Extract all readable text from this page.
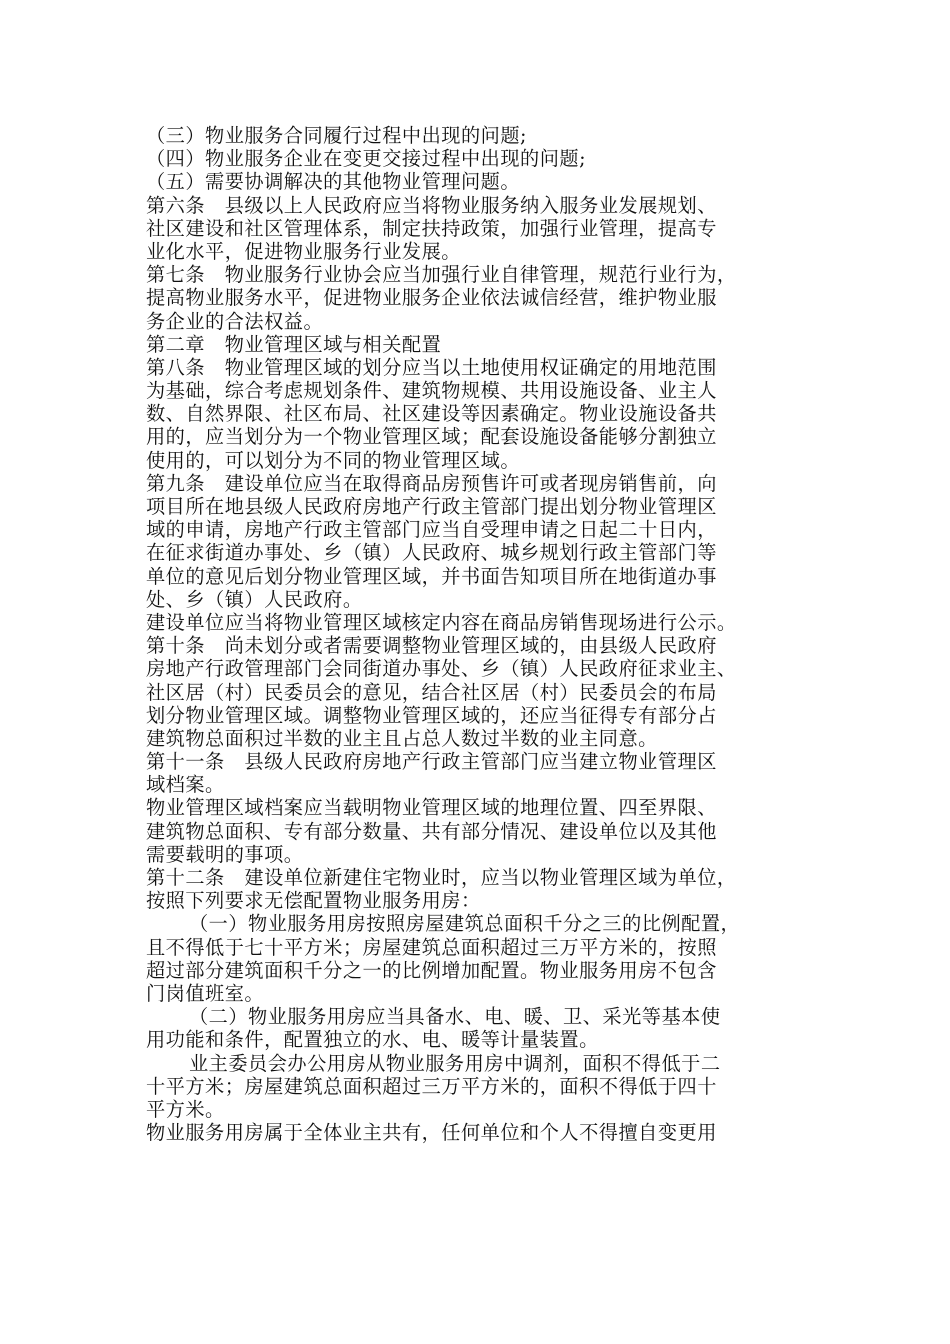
（三）物业服务合同履行过程中出现的问题;
（四）物业服务企业在变更交接过程中出现的问题;
（五）需要协调解决的其他物业管理问题。
第六条　县级以上人民政府应当将物业服务纳入服务业发展规划、
社区建设和社区管理体系，制定扶持政策，加强行业管理，提高专
业化水平，促进物业服务行业发展。
第七条　物业服务行业协会应当加强行业自律管理，规范行业行为，
提高物业服务水平，促进物业服务企业依法诚信经营，维护物业服
务企业的合法权益。
第二章　物业管理区域与相关配置
第八条　物业管理区域的划分应当以土地使用权证确定的用地范围
为基础，综合考虑规划条件、建筑物规模、共用设施设备、业主人
数、自然界限、社区布局、社区建设等因素确定。物业设施设备共
用的，应当划分为一个物业管理区域；配套设施设备能够分割独立
使用的，可以划分为不同的物业管理区域。
第九条　建设单位应当在取得商品房预售许可或者现房销售前，向
项目所在地县级人民政府房地产行政主管部门提出划分物业管理区
域的申请，房地产行政主管部门应当自受理申请之日起二十日内，
在征求街道办事处、乡（镇）人民政府、城乡规划行政主管部门等
单位的意见后划分物业管理区域，并书面告知项目所在地街道办事
处、乡（镇）人民政府。
建设单位应当将物业管理区域核定内容在商品房销售现场进行公示。
第十条　尚未划分或者需要调整物业管理区域的，由县级人民政府
房地产行政管理部门会同街道办事处、乡（镇）人民政府征求业主、
社区居（村）民委员会的意见，结合社区居（村）民委员会的布局
划分物业管理区域。调整物业管理区域的，还应当征得专有部分占
建筑物总面积过半数的业主且占总人数过半数的业主同意。
第十一条　县级人民政府房地产行政主管部门应当建立物业管理区
域档案。
物业管理区域档案应当载明物业管理区域的地理位置、四至界限、
建筑物总面积、专有部分数量、共有部分情况、建设单位以及其他
需要载明的事项。
第十二条　建设单位新建住宅物业时，应当以物业管理区域为单位，
按照下列要求无偿配置物业服务用房：
（一）物业服务用房按照房屋建筑总面积千分之三的比例配置，
且不得低于七十平方米；房屋建筑总面积超过三万平方米的，按照
超过部分建筑面积千分之一的比例增加配置。物业服务用房不包含
门岗值班室。
（二）物业服务用房应当具备水、电、暖、卫、采光等基本使
用功能和条件，配置独立的水、电、暖等计量装置。
业主委员会办公用房从物业服务用房中调剂，面积不得低于二
十平方米；房屋建筑总面积超过三万平方米的，面积不得低于四十
平方米。
物业服务用房属于全体业主共有，任何单位和个人不得擅自变更用
